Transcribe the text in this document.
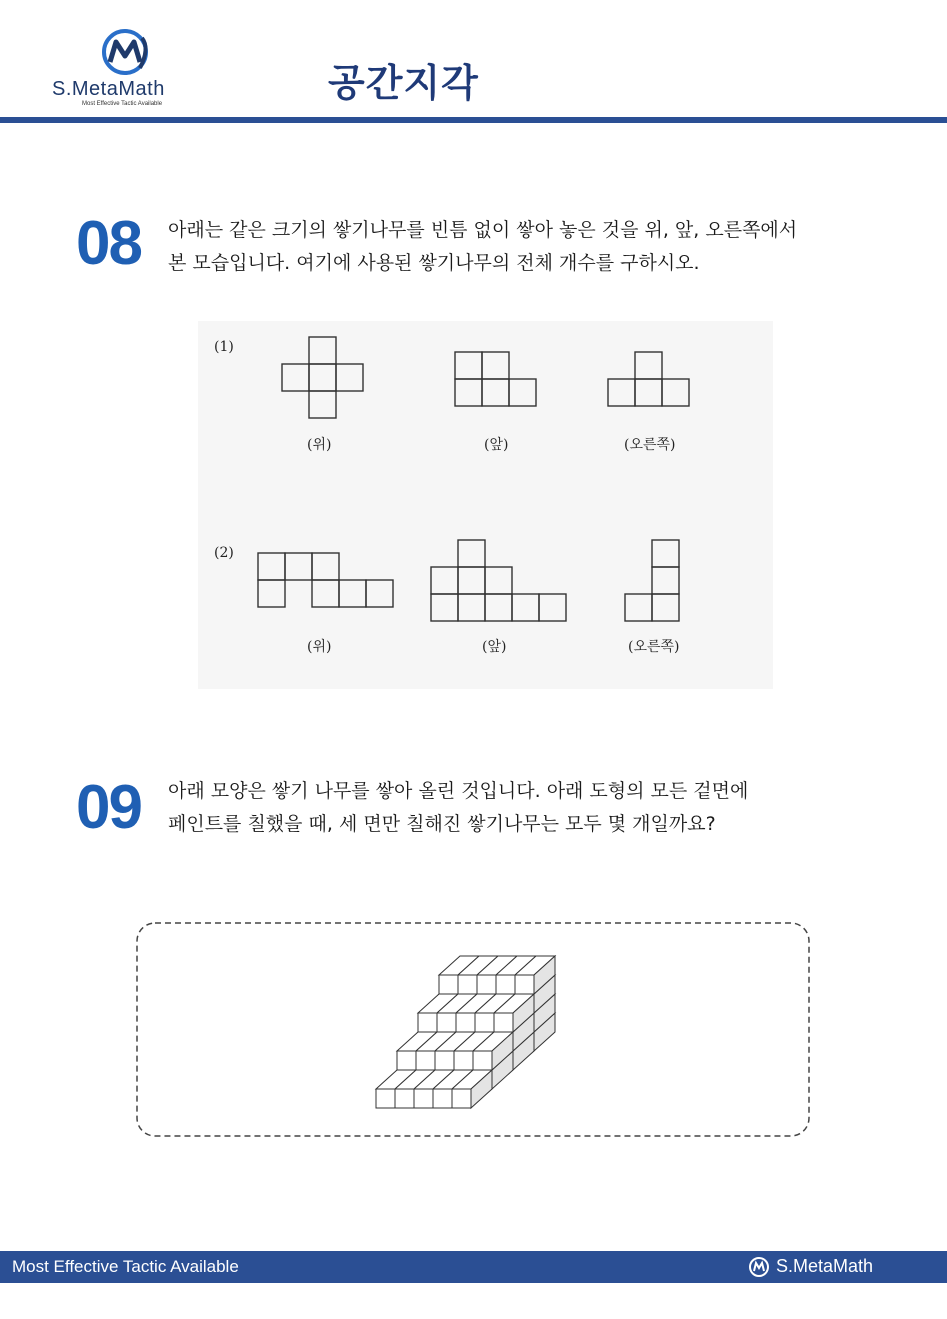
S.MetaMath
Most Effective Tactic Available	공간지각
08 아래는 같은 크기의 쌓기나무를 빈틈 없이 쌓아 놓은 것을 위, 앞, 오른쪽에서
본 모습입니다. 여기에 사용된 쌓기나무의 전체 개수를 구하시오.
(1)
(2)
(위)	(앞)	(오른쪽)
(위)	(앞)	(오른쪽)
09 아래 모양은 쌓기 나무를 쌓아 올린 것입니다. 아래 도형의 모든 겉면에
페인트를 칠했을 때, 세 면만 칠해진 쌓기나무는 모두 몇 개일까요?
Most Effective Tactic Available	S.MetaMath
